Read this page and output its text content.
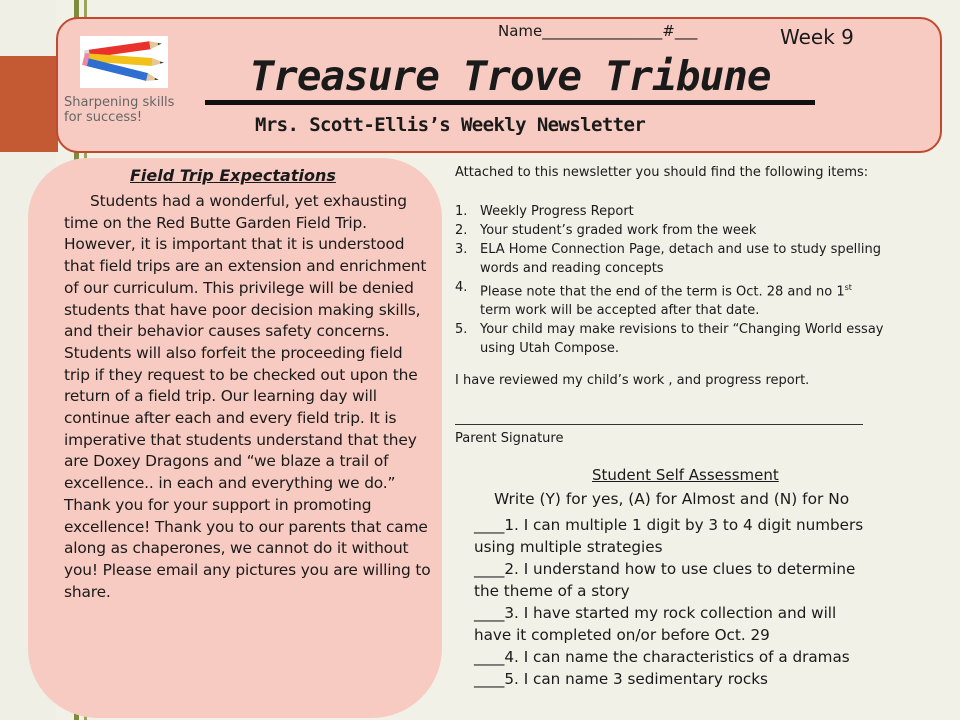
Name________________#___	Week 9
Sharpening skills
for success!
Treasure Trove Tribune
Mrs. Scott-Ellis’s Weekly Newsletter
Field Trip Expectations
Students had a wonderful, yet exhausting time on the Red Butte Garden Field Trip. However, it is important that it is understood that field trips are an extension and enrichment of our curriculum. This privilege will be denied students that have poor decision making skills, and their behavior causes safety concerns. Students will also forfeit the proceeding field trip if they request to be checked out upon the return of a field trip. Our learning day will continue after each and every field trip. It is imperative that students understand that they are Doxey Dragons and “we blaze a trail of excellence.. in each and everything we do.” Thank you for your support in promoting excellence! Thank you to our parents that came along as chaperones, we cannot do it without you! Please email any pictures you are willing to share.
Attached to this newsletter you should find the following items:
1. Weekly Progress Report
2. Your student’s graded work from the week
3. ELA Home Connection Page, detach and use to study spelling words and reading concepts
4. Please note that the end of the term is Oct. 28 and no 1st term work will be accepted after that date.
5. Your child may make revisions to their “Changing World essay using Utah Compose.
I have reviewed my child’s work , and progress report.
Parent Signature
Student Self Assessment
Write (Y) for yes, (A) for Almost and (N) for No
____1. I can multiple 1 digit by 3 to 4 digit numbers using multiple strategies
____2. I understand how to use clues to determine the theme of a story
____3. I have started my rock collection and will have it completed on/or before Oct. 29
____4. I can name the characteristics of a dramas
____5. I can name 3 sedimentary rocks
